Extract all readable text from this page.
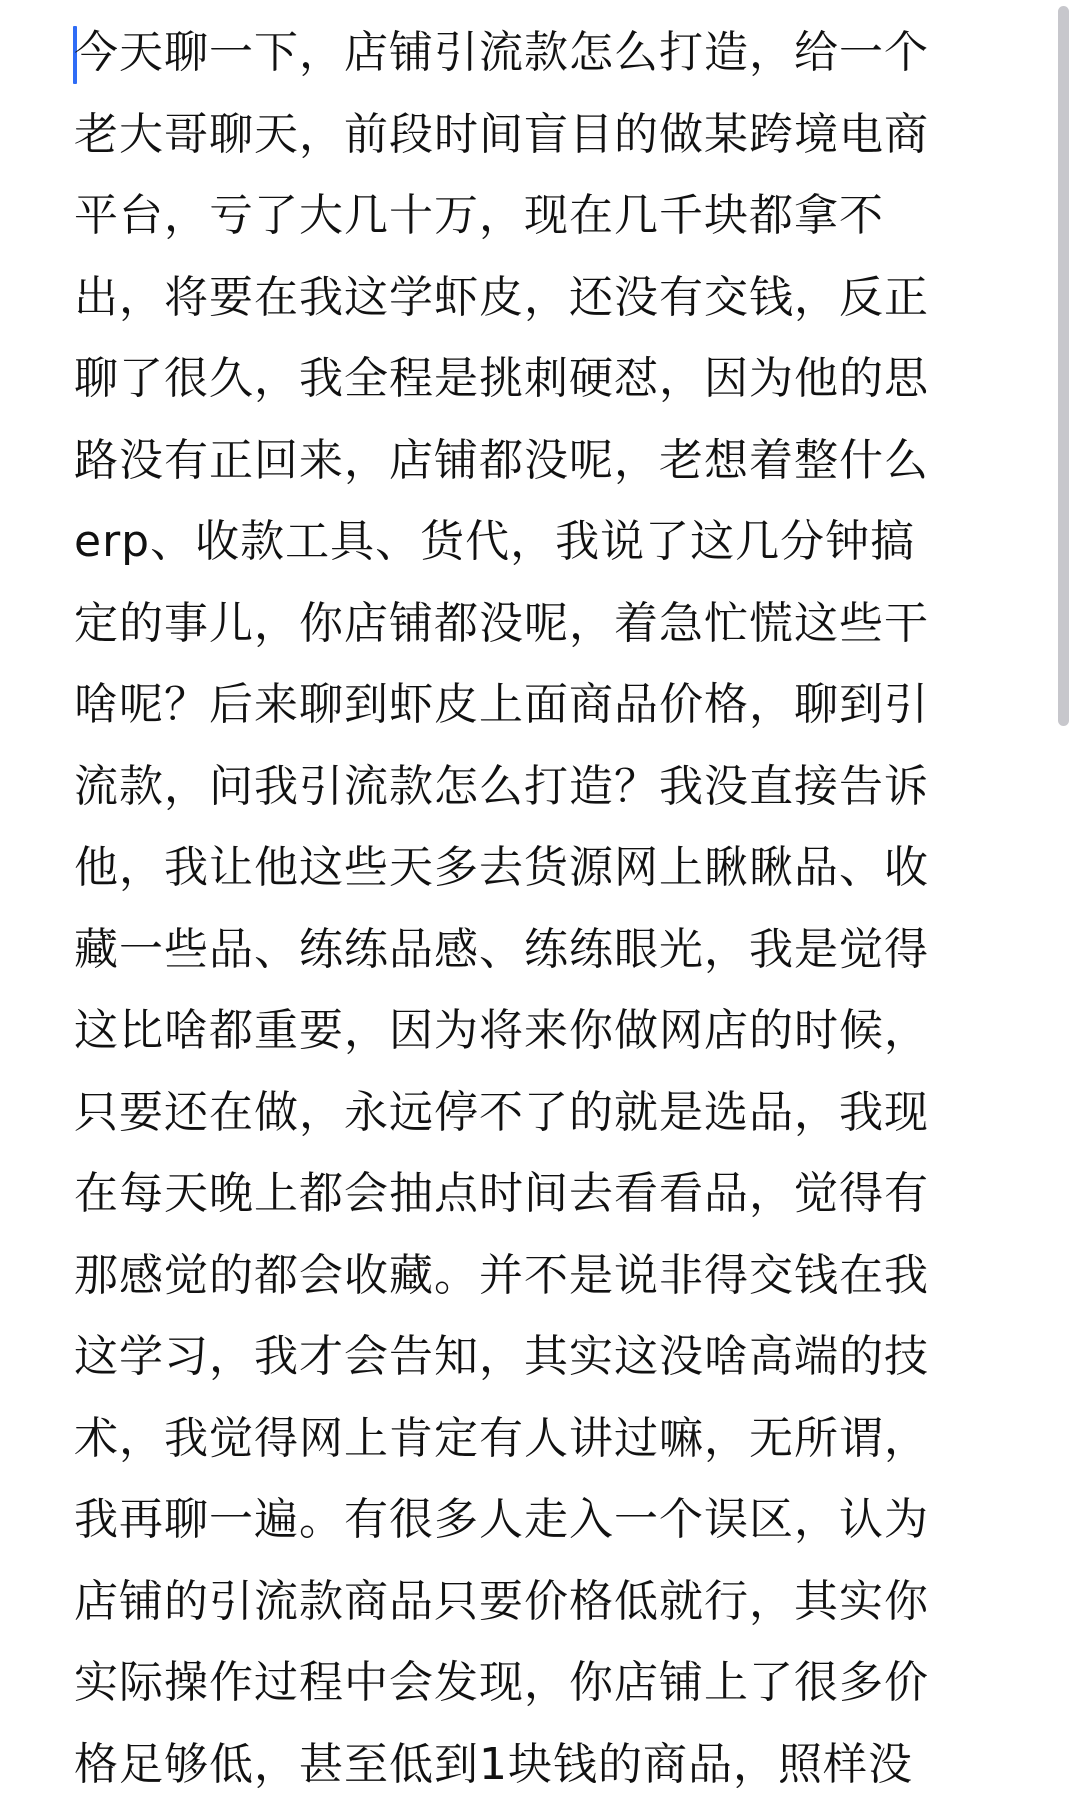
今天聊一下，店铺引流款怎么打造，给一个
老大哥聊天，前段时间盲目的做某跨境电商
平台，亏了大几十万，现在几千块都拿不
出，将要在我这学虾皮，还没有交钱，反正
聊了很久，我全程是挑刺硬怼，因为他的思
路没有正回来，店铺都没呢，老想着整什么
erp、收款工具、货代，我说了这几分钟搞
定的事儿，你店铺都没呢，着急忙慌这些干
啥呢？后来聊到虾皮上面商品价格，聊到引
流款，问我引流款怎么打造？我没直接告诉
他，我让他这些天多去货源网上瞅瞅品、收
藏一些品、练练品感、练练眼光，我是觉得
这比啥都重要，因为将来你做网店的时候，
只要还在做，永远停不了的就是选品，我现
在每天晚上都会抽点时间去看看品，觉得有
那感觉的都会收藏。并不是说非得交钱在我
这学习，我才会告知，其实这没啥高端的技
术，我觉得网上肯定有人讲过嘛，无所谓，
我再聊一遍。有很多人走入一个误区，认为
店铺的引流款商品只要价格低就行，其实你
实际操作过程中会发现，你店铺上了很多价
格足够低，甚至低到1块钱的商品，照样没
